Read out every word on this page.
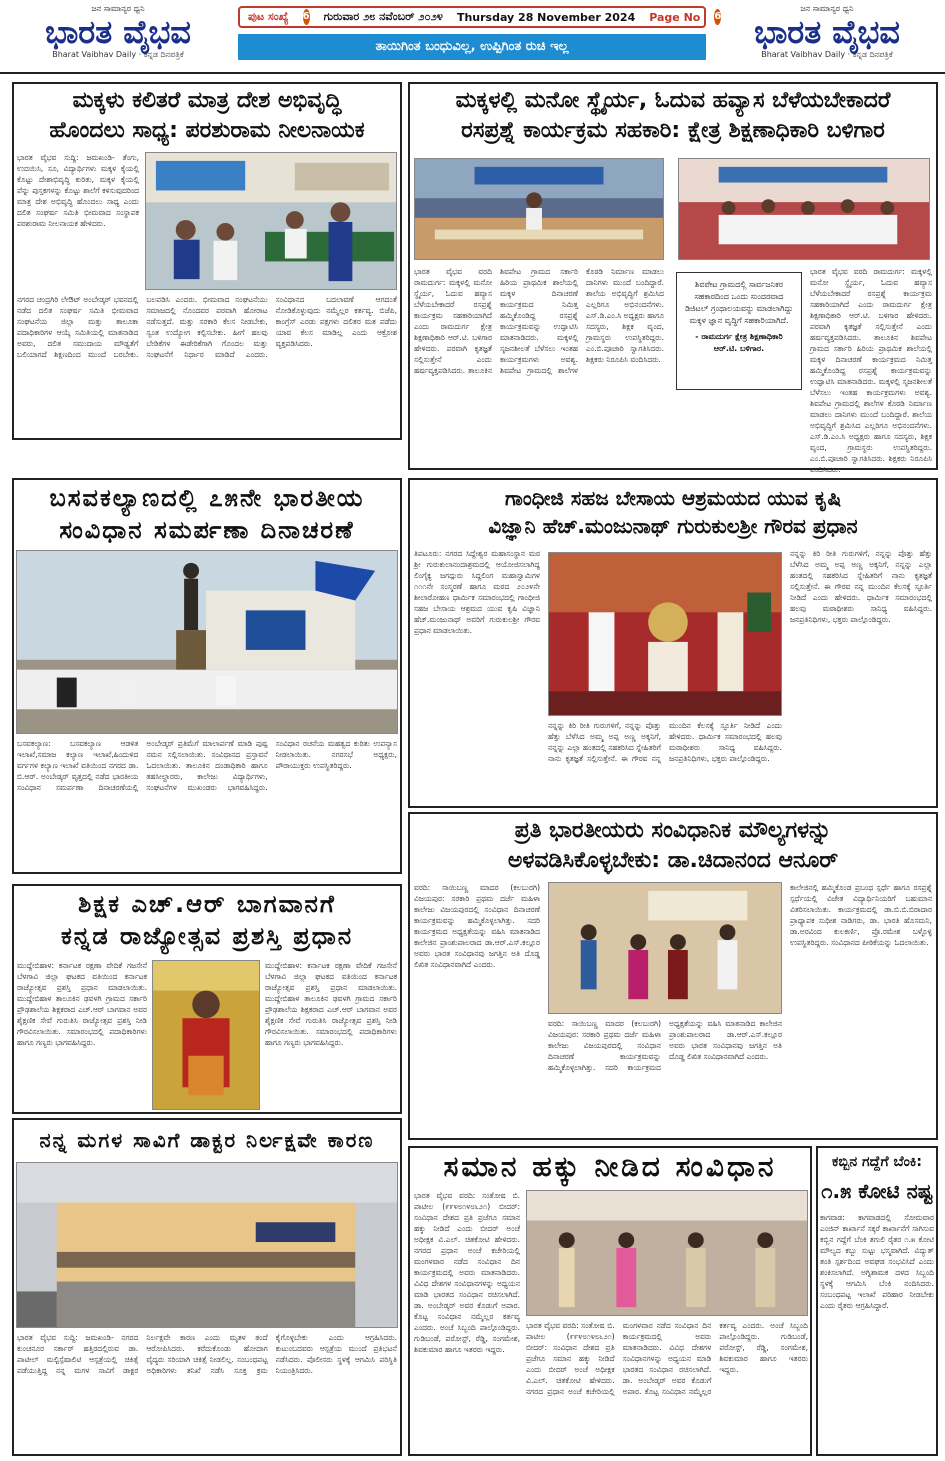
ಜನ ಸಾಮಾನ್ಯರ ಧ್ವನಿ
ಭಾರತ ವೈಭವ
Bharat Vaibhav Daily · ಕನ್ನಡ ದಿನಪತ್ರಿಕೆ
ಪುಟ ಸಂಖ್ಯೆ 6 ಗುರುವಾರ ೨೮ ನವೆಂಬರ್ ೨೦೨೪ Thursday 28 November 2024 Page No 6
ತಾಯಿಗಿಂತ ಬಂಧುವಿಲ್ಲ, ಉಪ್ಪಿಗಿಂತ ರುಚಿ ಇಲ್ಲ
ಜನ ಸಾಮಾನ್ಯರ ಧ್ವನಿ
ಭಾರತ ವೈಭವ
Bharat Vaibhav Daily · ಕನ್ನಡ ದಿನಪತ್ರಿಕೆ
ಮಕ್ಕಳು ಕಲಿತರೆ ಮಾತ್ರ ದೇಶ ಅಭಿವೃದ್ಧಿ
ಹೊಂದಲು ಸಾಧ್ಯ: ಪರಶುರಾಮ ನೀಲನಾಯಕ
ಭಾರತ ವೈಭವ ಸುದ್ದಿ: ಜಮಖಂಡಿ- ತೆಂಗು, ಉದಯಿಸಿ, ಸೂ, ವಿದ್ಯಾರ್ಥಿಗಳು ಮಕ್ಕಳ ಕೈಯಲ್ಲಿ ಕೊಟ್ಟು ದೇಶಾಭಿವೃದ್ಧಿ ಕುರಿತು, ಮಕ್ಕಳ ಕೈಯಲ್ಲಿ ಪೆನ್ನು ಪುಸ್ತಕಗಳನ್ನು ಕೊಟ್ಟು ಶಾಲೆಗೆ ಕಳಿಸುವುದರಿಂದ ಮಾತ್ರ ದೇಶ ಅಭಿವೃದ್ಧಿ ಹೊಂದಲು ಸಾಧ್ಯ ಎಂದು ದಲಿತ ಸಂಘರ್ಷ ಸಮಿತಿ ಭೀಮವಾದ ಸಂಸ್ಥಾಪಕ ಪರಶುರಾಮ ನೀಲನಾಯಕ ಹೇಳಿದರು.
ನಗರದ ಚಂದ್ರಗಿರಿ ಲೇಔಟ್ ಅಂಬೇಡ್ಕರ್ ಭವನದಲ್ಲಿ ನಡೆದ ದಲಿತ ಸಂಘರ್ಷ ಸಮಿತಿ ಭೀಮವಾದ ಸಂಘಟನೆಯ ಜಿಲ್ಲಾ ಮತ್ತು ತಾಲೂಕಾ ಪದಾಧಿಕಾರಿಗಳ ಆಯ್ಕೆ ಸಮಿತಿಯಲ್ಲಿ ಮಾತನಾಡಿದ ಅವರು, ದಲಿತ ಸಮುದಾಯ ಮೌಢ್ಯತೆಗೆ ಬಲಿಯಾಗದೆ ಶಿಕ್ಷಣದಿಂದ ಮುಂದೆ ಬರಬೇಕು. ಬಲಪಡಿಸಿ ಎಂದರು. ಭೀಮವಾದ ಸಂಘಟನೆಯು ಸಮಾಜದಲ್ಲಿ ನೊಂದವರ ಪರವಾಗಿ ಹೋರಾಟ ನಡೆಸುತ್ತದೆ. ಮತ್ತು ಸರಕಾರಿ ಕೆಲಸ ನೀಡಬೇಕು, ಸ್ವಂತ ಉದ್ಯೋಗ ಕಲ್ಪಿಸಬೇಕು. ಹೀಗೆ ಹಲವು ಬೇಡಿಕೆಗಳ ಈಡೇರಿಕೆಗಾಗಿ ಗೊಂದಲ ಮತ್ತು ಸಂಘಟನೆಗೆ ನಿರ್ಧಾರ ಮಾಡಿದೆ ಎಂದರು. ಸಂವಿಧಾನದ ಬದಲಾವಣೆ ಆಗದಂತೆ ನೋಡಿಕೊಳ್ಳುವುದು ನಮ್ಮೆಲ್ಲರ ಕರ್ತವ್ಯ. ಬಿಜೆಪಿ, ಕಾಂಗ್ರೆಸ್ ಎರಡು ಪಕ್ಷಗಳು ದಲಿತರ ಮತ ಪಡೆದು ಯಾವ ಕೆಲಸ ಮಾಡಿಲ್ಲ ಎಂದು ಆಕ್ರೋಶ ವ್ಯಕ್ತಪಡಿಸಿದರು.
ಮಕ್ಕಳಲ್ಲಿ ಮನೋ ಸ್ಥೈರ್ಯ, ಓದುವ ಹವ್ಯಾಸ ಬೆಳೆಯಬೇಕಾದರೆ
ರಸಪ್ರಶ್ನೆ ಕಾರ್ಯಕ್ರಮ ಸಹಕಾರಿ: ಕ್ಷೇತ್ರ ಶಿಕ್ಷಣಾಧಿಕಾರಿ ಬಳಿಗಾರ
ಭಾರತ ವೈಭವ ವರದಿ ರಾಮದುರ್ಗ: ಮಕ್ಕಳಲ್ಲಿ ಮನೋ ಸ್ಥೈರ್ಯ, ಓದುವ ಹವ್ಯಾಸ ಬೆಳೆಯಬೇಕಾದರೆ ರಸಪ್ರಶ್ನೆ ಕಾರ್ಯಕ್ರಮ ಸಹಕಾರಿಯಾಗಿದೆ ಎಂದು ರಾಮದುರ್ಗ ಕ್ಷೇತ್ರ ಶಿಕ್ಷಣಾಧಿಕಾರಿ ಆರ್.ಟಿ. ಬಳಿಗಾರ ಹೇಳಿದರು. ಪರವಾಗಿ ಕೃತಜ್ಞತೆ ಸಲ್ಲಿಸುತ್ತೇನೆ ಎಂದು ಹರ್ಷವ್ಯಕ್ತಪಡಿಸಿದರು. ತಾಲೂಕಿನ ಶಿವಪೇಟ ಗ್ರಾಮದ ಸರ್ಕಾರಿ ಹಿರಿಯ ಪ್ರಾಥಮಿಕ ಶಾಲೆಯಲ್ಲಿ ಮಕ್ಕಳ ದಿನಾಚರಣೆ ಕಾರ್ಯಕ್ರಮದ ನಿಮಿತ್ತ ಹಮ್ಮಿಕೊಂಡಿದ್ದ ರಸಪ್ರಶ್ನೆ ಕಾರ್ಯಕ್ರಮವನ್ನು ಉದ್ಘಾಟಿಸಿ ಮಾತನಾಡಿದರು. ಮಕ್ಕಳಲ್ಲಿ ಸೃಜನಶೀಲತೆ ಬೆಳೆಸಲು ಇಂತಹ ಕಾರ್ಯಕ್ರಮಗಳು ಅವಶ್ಯ. ಶಿವಪೇಟ ಗ್ರಾಮದಲ್ಲಿ ಶಾಲೆಗಳ ಕೊಠಡಿ ನಿರ್ಮಾಣ ಮಾಡಲು ದಾನಿಗಳು ಮುಂದೆ ಬಂದಿದ್ದಾರೆ. ಶಾಲೆಯ ಅಭಿವೃದ್ಧಿಗೆ ಶ್ರಮಿಸಿದ ಎಲ್ಲರಿಗೂ ಅಭಿನಂದನೆಗಳು. ಎಸ್.ಡಿ.ಎಂ.ಸಿ ಅಧ್ಯಕ್ಷರು ಹಾಗೂ ಸದಸ್ಯರು, ಶಿಕ್ಷಕ ವೃಂದ, ಗ್ರಾಮಸ್ಥರು ಉಪಸ್ಥಿತರಿದ್ದರು. ಎಂ.ಬಿ.ಪೂಜಾರಿ ಸ್ವಾಗತಿಸಿದರು. ಶಿಕ್ಷಕರು ನಿರೂಪಿಸಿ ವಂದಿಸಿದರು.
ಶಿವಪೇಟ ಗ್ರಾಮದಲ್ಲಿ ಸಾರ್ವಜನಿಕರ ಸಹಕಾರದಿಂದ ಒಂದು ಸುಂದರವಾದ ಡಿಜಿಟಲ್ ಗ್ರಂಥಾಲಯವನ್ನು ಮಾಡಲಾಗಿದ್ದು ಮಕ್ಕಳ ಜ್ಞಾನ ವೃದ್ಧಿಗೆ ಸಹಕಾರಿಯಾಗಿದೆ.
- ರಾಮದುರ್ಗ ಕ್ಷೇತ್ರ ಶಿಕ್ಷಣಾಧಿಕಾರಿ ಆರ್.ಟಿ. ಬಳಿಗಾರ.
ಭಾರತ ವೈಭವ ವರದಿ ರಾಮದುರ್ಗ: ಮಕ್ಕಳಲ್ಲಿ ಮನೋ ಸ್ಥೈರ್ಯ, ಓದುವ ಹವ್ಯಾಸ ಬೆಳೆಯಬೇಕಾದರೆ ರಸಪ್ರಶ್ನೆ ಕಾರ್ಯಕ್ರಮ ಸಹಕಾರಿಯಾಗಿದೆ ಎಂದು ರಾಮದುರ್ಗ ಕ್ಷೇತ್ರ ಶಿಕ್ಷಣಾಧಿಕಾರಿ ಆರ್.ಟಿ. ಬಳಿಗಾರ ಹೇಳಿದರು. ಪರವಾಗಿ ಕೃತಜ್ಞತೆ ಸಲ್ಲಿಸುತ್ತೇನೆ ಎಂದು ಹರ್ಷವ್ಯಕ್ತಪಡಿಸಿದರು. ತಾಲೂಕಿನ ಶಿವಪೇಟ ಗ್ರಾಮದ ಸರ್ಕಾರಿ ಹಿರಿಯ ಪ್ರಾಥಮಿಕ ಶಾಲೆಯಲ್ಲಿ ಮಕ್ಕಳ ದಿನಾಚರಣೆ ಕಾರ್ಯಕ್ರಮದ ನಿಮಿತ್ತ ಹಮ್ಮಿಕೊಂಡಿದ್ದ ರಸಪ್ರಶ್ನೆ ಕಾರ್ಯಕ್ರಮವನ್ನು ಉದ್ಘಾಟಿಸಿ ಮಾತನಾಡಿದರು. ಮಕ್ಕಳಲ್ಲಿ ಸೃಜನಶೀಲತೆ ಬೆಳೆಸಲು ಇಂತಹ ಕಾರ್ಯಕ್ರಮಗಳು ಅವಶ್ಯ. ಶಿವಪೇಟ ಗ್ರಾಮದಲ್ಲಿ ಶಾಲೆಗಳ ಕೊಠಡಿ ನಿರ್ಮಾಣ ಮಾಡಲು ದಾನಿಗಳು ಮುಂದೆ ಬಂದಿದ್ದಾರೆ. ಶಾಲೆಯ ಅಭಿವೃದ್ಧಿಗೆ ಶ್ರಮಿಸಿದ ಎಲ್ಲರಿಗೂ ಅಭಿನಂದನೆಗಳು. ಎಸ್.ಡಿ.ಎಂ.ಸಿ ಅಧ್ಯಕ್ಷರು ಹಾಗೂ ಸದಸ್ಯರು, ಶಿಕ್ಷಕ ವೃಂದ, ಗ್ರಾಮಸ್ಥರು ಉಪಸ್ಥಿತರಿದ್ದರು. ಎಂ.ಬಿ.ಪೂಜಾರಿ ಸ್ವಾಗತಿಸಿದರು. ಶಿಕ್ಷಕರು ನಿರೂಪಿಸಿ ವಂದಿಸಿದರು.
ಬಸವಕಲ್ಯಾಣದಲ್ಲಿ ೭೫ನೇ ಭಾರತೀಯ
ಸಂವಿಧಾನ ಸಮರ್ಪಣಾ ದಿನಾಚರಣೆ
ಬಸವಕಲ್ಯಾಣ: ಬಸವಕಲ್ಯಾಣ ಆಡಳಿತ ಇಲಾಖೆ,ಸಮಾಜ ಕಲ್ಯಾಣ ಇಲಾಖೆ,ಹಿಂದುಳಿದ ವರ್ಗಗಳ ಕಲ್ಯಾಣ ಇಲಾಖೆ ವತಿಯಿಂದ ನಗರದ ಡಾ. ಬಿ.ಆರ್. ಅಂಬೇಡ್ಕರ್ ವೃತ್ತದಲ್ಲಿ ನಡೆದ ಭಾರತೀಯ ಸಂವಿಧಾನ ಸಮರ್ಪಣಾ ದಿನಾಚರಣೆಯಲ್ಲಿ ಅಂಬೇಡ್ಕರ್ ಪ್ರತಿಮೆಗೆ ಮಾಲಾರ್ಪಣೆ ಮಾಡಿ ಪುಷ್ಪ ನಮನ ಸಲ್ಲಿಸಲಾಯಿತು. ಸಂವಿಧಾನದ ಪ್ರಸ್ತಾವನೆ ಓದಲಾಯಿತು. ತಾಲೂಕಿನ ದಂಡಾಧಿಕಾರಿ ಹಾಗೂ ತಹಸೀಲ್ದಾರರು, ಕಾಲೇಜು ವಿದ್ಯಾರ್ಥಿಗಳು, ಸಂಘಟನೆಗಳ ಮುಖಂಡರು ಭಾಗವಹಿಸಿದ್ದರು. ಸಂವಿಧಾನ ರಚನೆಯ ಮಹತ್ವದ ಕುರಿತು ಉಪನ್ಯಾಸ ನೀಡಲಾಯಿತು. ನಗರಸಭೆ ಅಧ್ಯಕ್ಷರು, ಪೌರಾಯುಕ್ತರು ಉಪಸ್ಥಿತರಿದ್ದರು.
ಗಾಂಧೀಜಿ ಸಹಜ ಬೇಸಾಯ ಆಶ್ರಮಯದ ಯುವ ಕೃಷಿ
ವಿಜ್ಞಾನಿ ಹೆಚ್.ಮಂಜುನಾಥ್ ಗುರುಕುಲಶ್ರೀ ಗೌರವ ಪ್ರಧಾನ
ತಿಪಟೂರು: ನಗರದ ಸಿದ್ದೇಶ್ವರ ಮಹಾಸಂಸ್ಥಾನ ಮಠ ಶ್ರೀ ಗುರುಕುಲಾನಂದಾಶ್ರಮದಲ್ಲಿ ಆಯೋಜಿಸಲಾಗಿದ್ದ ಲಿಂಗೈಕ್ಯ ಜಗದ್ಗುರು ಸಿದ್ದಲಿಂಗ ಮಹಾಸ್ವಾಮಿಗಳ ೧೧೧ನೇ ಸಂಸ್ಮರಣೆ ಹಾಗೂ ಮಠದ ೨೦೨೪ನೇ ಶೀಲಾರೋಹಣ ಧಾರ್ಮಿಕ ಸಮಾರಂಭದಲ್ಲಿ ಗಾಂಧೀಜಿ ಸಹಜ ಬೇಸಾಯ ಆಶ್ರಮದ ಯುವ ಕೃಷಿ ವಿಜ್ಞಾನಿ ಹೆಚ್.ಮಂಜುನಾಥ್ ಅವರಿಗೆ ಗುರುಕುಲಶ್ರೀ ಗೌರವ ಪ್ರಧಾನ ಮಾಡಲಾಯಿತು.
ನನ್ನನ್ನು ಕಿರಿ ರೀತಿ ಗುರುಗಳಿಗೆ, ನನ್ನನ್ನು ಪೊತ್ತು ಹೆತ್ತು ಬೆಳೆಸಿದ ಅಮ್ಮ ಅಪ್ಪ ಅಣ್ಣ ಅಕ್ಕನಿಗೆ, ನನ್ನನ್ನು ಎಲ್ಲಾ ಹಂತದಲ್ಲಿ ಸಹಕರಿಸಿದ ಸ್ನೇಹಿತರಿಗೆ ನಾನು ಕೃತಜ್ಞತೆ ಸಲ್ಲಿಸುತ್ತೇನೆ. ಈ ಗೌರವ ನನ್ನ ಮುಂದಿನ ಕೆಲಸಕ್ಕೆ ಸ್ಫೂರ್ತಿ ನೀಡಿದೆ ಎಂದು ಹೇಳಿದರು. ಧಾರ್ಮಿಕ ಸಮಾರಂಭದಲ್ಲಿ ಹಲವು ಮಠಾಧೀಶರು ಸಾನಿಧ್ಯ ವಹಿಸಿದ್ದರು. ಜನಪ್ರತಿನಿಧಿಗಳು, ಭಕ್ತರು ಪಾಲ್ಗೊಂಡಿದ್ದರು.
ನನ್ನನ್ನು ಕಿರಿ ರೀತಿ ಗುರುಗಳಿಗೆ, ನನ್ನನ್ನು ಪೊತ್ತು ಹೆತ್ತು ಬೆಳೆಸಿದ ಅಮ್ಮ ಅಪ್ಪ ಅಣ್ಣ ಅಕ್ಕನಿಗೆ, ನನ್ನನ್ನು ಎಲ್ಲಾ ಹಂತದಲ್ಲಿ ಸಹಕರಿಸಿದ ಸ್ನೇಹಿತರಿಗೆ ನಾನು ಕೃತಜ್ಞತೆ ಸಲ್ಲಿಸುತ್ತೇನೆ. ಈ ಗೌರವ ನನ್ನ ಮುಂದಿನ ಕೆಲಸಕ್ಕೆ ಸ್ಫೂರ್ತಿ ನೀಡಿದೆ ಎಂದು ಹೇಳಿದರು. ಧಾರ್ಮಿಕ ಸಮಾರಂಭದಲ್ಲಿ ಹಲವು ಮಠಾಧೀಶರು ಸಾನಿಧ್ಯ ವಹಿಸಿದ್ದರು. ಜನಪ್ರತಿನಿಧಿಗಳು, ಭಕ್ತರು ಪಾಲ್ಗೊಂಡಿದ್ದರು.
ಪ್ರತಿ ಭಾರತೀಯರು ಸಂವಿಧಾನಿಕ ಮೌಲ್ಯಗಳನ್ನು
ಅಳವಡಿಸಿಕೊಳ್ಳಬೇಕು: ಡಾ.ಚಿದಾನಂದ ಆನೂರ್
ವರದಿ: ಸಾಯಿಬಣ್ಣ ಮಾದರ (ಕಲಬುರಗಿ) ವಿಜಯಪುರ: ಸರಕಾರಿ ಪ್ರಥಮ ದರ್ಜೆ ಮಹಿಳಾ ಕಾಲೇಜು ವಿಜಯಪುರದಲ್ಲಿ ಸಂವಿಧಾನ ದಿನಾಚರಣೆ ಕಾರ್ಯಕ್ರಮವನ್ನು ಹಮ್ಮಿಕೊಳ್ಳಲಾಗಿತ್ತು. ಸದರಿ ಕಾರ್ಯಕ್ರಮದ ಅಧ್ಯಕ್ಷತೆಯನ್ನು ವಹಿಸಿ ಮಾತನಾಡಿದ ಕಾಲೇಜಿನ ಪ್ರಾಂಶುಪಾಲರಾದ ಡಾ.ಆರ್.ಎಸ್.ಕಲ್ಲೂರ ಅವರು ಭಾರತ ಸಂವಿಧಾನವು ಜಗತ್ತಿನ ಅತಿ ದೊಡ್ಡ ಲಿಖಿತ ಸಂವಿಧಾನವಾಗಿದೆ ಎಂದರು.
ವರದಿ: ಸಾಯಿಬಣ್ಣ ಮಾದರ (ಕಲಬುರಗಿ) ವಿಜಯಪುರ: ಸರಕಾರಿ ಪ್ರಥಮ ದರ್ಜೆ ಮಹಿಳಾ ಕಾಲೇಜು ವಿಜಯಪುರದಲ್ಲಿ ಸಂವಿಧಾನ ದಿನಾಚರಣೆ ಕಾರ್ಯಕ್ರಮವನ್ನು ಹಮ್ಮಿಕೊಳ್ಳಲಾಗಿತ್ತು. ಸದರಿ ಕಾರ್ಯಕ್ರಮದ ಅಧ್ಯಕ್ಷತೆಯನ್ನು ವಹಿಸಿ ಮಾತನಾಡಿದ ಕಾಲೇಜಿನ ಪ್ರಾಂಶುಪಾಲರಾದ ಡಾ.ಆರ್.ಎಸ್.ಕಲ್ಲೂರ ಅವರು ಭಾರತ ಸಂವಿಧಾನವು ಜಗತ್ತಿನ ಅತಿ ದೊಡ್ಡ ಲಿಖಿತ ಸಂವಿಧಾನವಾಗಿದೆ ಎಂದರು.
ಕಾಲೇಜಿನಲ್ಲಿ ಹಮ್ಮಿಕೊಂಡ ಪ್ರಬಂಧ ಸ್ಪರ್ಧೆ ಹಾಗೂ ರಸಪ್ರಶ್ನೆ ಸ್ಪರ್ಧೆಯಲ್ಲಿ ವಿಜೇತ ವಿದ್ಯಾರ್ಥಿನಿಯರಿಗೆ ಬಹುಮಾನ ವಿತರಿಸಲಾಯಿತು. ಕಾರ್ಯಕ್ರಮದಲ್ಲಿ ಡಾ.ಬಿ.ಬಿ.ಬಿರಾದಾರ ಪ್ರಾಧ್ಯಾಪಕ ಸುಧೀಶ ನಾಡಿಗರು, ಡಾ. ಭಾರತಿ ಹೊಸಮನಿ, ಡಾ.ಅರವಿಂದ ಕುಲಕರ್ಣಿ, ಪ್ರೊ.ರಮೇಶ ಬಳ್ಳೊಳ್ಳಿ ಉಪಸ್ಥಿತರಿದ್ದರು. ಸಂವಿಧಾನದ ಪೀಠಿಕೆಯನ್ನು ಓದಲಾಯಿತು.
ಶಿಕ್ಷಕ ಎಚ್.ಆರ್ ಬಾಗವಾನಗೆ
ಕನ್ನಡ ರಾಜ್ಯೋತ್ಸವ ಪ್ರಶಸ್ತಿ ಪ್ರಧಾನ
ಮುದ್ದೇಬಿಹಾಳ: ಕರ್ನಾಟಕ ರಕ್ಷಣಾ ವೇದಿಕೆ ಗಜಸೇನೆ ಬೆಳಗಾವಿ ಜಿಲ್ಲಾ ಘಟಕದ ವತಿಯಿಂದ ಕರ್ನಾಟಕ ರಾಜ್ಯೋತ್ಸವ ಪ್ರಶಸ್ತಿ ಪ್ರಧಾನ ಮಾಡಲಾಯಿತು. ಮುದ್ದೇಬಿಹಾಳ ತಾಲೂಕಿನ ಢವಳಗಿ ಗ್ರಾಮದ ಸರ್ಕಾರಿ ಪ್ರೌಢಶಾಲೆಯ ಶಿಕ್ಷಕರಾದ ಎಚ್.ಆರ್ ಬಾಗವಾನ ಅವರ ಶೈಕ್ಷಣಿಕ ಸೇವೆ ಗುರುತಿಸಿ ರಾಜ್ಯೋತ್ಸವ ಪ್ರಶಸ್ತಿ ನೀಡಿ ಗೌರವಿಸಲಾಯಿತು. ಸಮಾರಂಭದಲ್ಲಿ ಪದಾಧಿಕಾರಿಗಳು ಹಾಗೂ ಗಣ್ಯರು ಭಾಗವಹಿಸಿದ್ದರು.
ಮುದ್ದೇಬಿಹಾಳ: ಕರ್ನಾಟಕ ರಕ್ಷಣಾ ವೇದಿಕೆ ಗಜಸೇನೆ ಬೆಳಗಾವಿ ಜಿಲ್ಲಾ ಘಟಕದ ವತಿಯಿಂದ ಕರ್ನಾಟಕ ರಾಜ್ಯೋತ್ಸವ ಪ್ರಶಸ್ತಿ ಪ್ರಧಾನ ಮಾಡಲಾಯಿತು. ಮುದ್ದೇಬಿಹಾಳ ತಾಲೂಕಿನ ಢವಳಗಿ ಗ್ರಾಮದ ಸರ್ಕಾರಿ ಪ್ರೌಢಶಾಲೆಯ ಶಿಕ್ಷಕರಾದ ಎಚ್.ಆರ್ ಬಾಗವಾನ ಅವರ ಶೈಕ್ಷಣಿಕ ಸೇವೆ ಗುರುತಿಸಿ ರಾಜ್ಯೋತ್ಸವ ಪ್ರಶಸ್ತಿ ನೀಡಿ ಗೌರವಿಸಲಾಯಿತು. ಸಮಾರಂಭದಲ್ಲಿ ಪದಾಧಿಕಾರಿಗಳು ಹಾಗೂ ಗಣ್ಯರು ಭಾಗವಹಿಸಿದ್ದರು.
ನನ್ನ ಮಗಳ ಸಾವಿಗೆ ಡಾಕ್ಟರ ನಿರ್ಲಕ್ಷವೇ ಕಾರಣ
ಭಾರತ ವೈಭವ ಸುದ್ದಿ: ಜಮಖಂಡಿ- ನಗರದ ಕುಂಚನೂರ ಸರ್ಕಾರ್ ಹತ್ತಿರದಲ್ಲಿರುವ ಡಾ. ಪಾಟೀಲ್ ಮಲ್ಟಿಸ್ಪೆಷಾಲಿಟಿ ಆಸ್ಪತ್ರೆಯಲ್ಲಿ ಚಿಕಿತ್ಸೆ ಪಡೆಯುತ್ತಿದ್ದ ನನ್ನ ಮಗಳ ಸಾವಿಗೆ ಡಾಕ್ಟರ ನಿರ್ಲಕ್ಷವೇ ಕಾರಣ ಎಂದು ಮೃತಳ ತಂದೆ ಆರೋಪಿಸಿದರು. ಕರೆದುಕೊಂಡು ಹೋದಾಗ ವೈದ್ಯರು ಸರಿಯಾಗಿ ಚಿಕಿತ್ಸೆ ನೀಡಲಿಲ್ಲ. ಸಂಬಂಧಪಟ್ಟ ಅಧಿಕಾರಿಗಳು ತನಿಖೆ ನಡೆಸಿ ಸೂಕ್ತ ಕ್ರಮ ಕೈಗೊಳ್ಳಬೇಕು ಎಂದು ಆಗ್ರಹಿಸಿದರು. ಕುಟುಂಬದವರು ಆಸ್ಪತ್ರೆಯ ಮುಂದೆ ಪ್ರತಿಭಟನೆ ನಡೆಸಿದರು. ಪೊಲೀಸರು ಸ್ಥಳಕ್ಕೆ ಆಗಮಿಸಿ ಪರಿಸ್ಥಿತಿ ನಿಯಂತ್ರಿಸಿದರು.
ಸಮಾನ ಹಕ್ಕು ನೀಡಿದ ಸಂವಿಧಾನ
ಭಾರತ ವೈಭವ ವರದಿ: ಸಂತೋಷ ಬಿ. ಪಾಟೀಲ (೯೯೪೮೧೪೮೬೨೧) ಬೀದರ್: ಸಂವಿಧಾನ ದೇಶದ ಪ್ರತಿ ಪ್ರಜೆಗೂ ಸಮಾನ ಹಕ್ಕು ನೀಡಿದೆ ಎಂದು ಬೀದರ್ ಅಂಚೆ ಅಧೀಕ್ಷಕ ವಿ.ಎಲ್. ಚಿತಕೋಟಿ ಹೇಳಿದರು. ನಗರದ ಪ್ರಧಾನ ಅಂಚೆ ಕಚೇರಿಯಲ್ಲಿ ಮಂಗಳವಾರ ನಡೆದ ಸಂವಿಧಾನ ದಿನ ಕಾರ್ಯಕ್ರಮದಲ್ಲಿ ಅವರು ಮಾತನಾಡಿದರು. ವಿವಿಧ ದೇಶಗಳ ಸಂವಿಧಾನಗಳನ್ನು ಅಧ್ಯಯನ ಮಾಡಿ ಭಾರತದ ಸಂವಿಧಾನ ರಚಿಸಲಾಗಿದೆ. ಡಾ. ಅಂಬೇಡ್ಕರ್ ಅವರ ಕೊಡುಗೆ ಅಪಾರ. ಕೊಟ್ಟ ಸಂವಿಧಾನ ನಮ್ಮೆಲ್ಲರ ಕರ್ತವ್ಯ ಎಂದರು. ಅಂಚೆ ಸಿಬ್ಬಂದಿ ಪಾಲ್ಗೊಂಡಿದ್ದರು. ಗುಡಿಬಂಡೆ, ಪರೋಸ್ಟ್, ರೆಡ್ಡಿ, ಸಂಗಮೇಶ, ಶಿವಕುಮಾರ ಹಾಗೂ ಇತರರು ಇದ್ದರು.
ಭಾರತ ವೈಭವ ವರದಿ: ಸಂತೋಷ ಬಿ. ಪಾಟೀಲ (೯೯೪೮೧೪೮೬೨೧) ಬೀದರ್: ಸಂವಿಧಾನ ದೇಶದ ಪ್ರತಿ ಪ್ರಜೆಗೂ ಸಮಾನ ಹಕ್ಕು ನೀಡಿದೆ ಎಂದು ಬೀದರ್ ಅಂಚೆ ಅಧೀಕ್ಷಕ ವಿ.ಎಲ್. ಚಿತಕೋಟಿ ಹೇಳಿದರು. ನಗರದ ಪ್ರಧಾನ ಅಂಚೆ ಕಚೇರಿಯಲ್ಲಿ ಮಂಗಳವಾರ ನಡೆದ ಸಂವಿಧಾನ ದಿನ ಕಾರ್ಯಕ್ರಮದಲ್ಲಿ ಅವರು ಮಾತನಾಡಿದರು. ವಿವಿಧ ದೇಶಗಳ ಸಂವಿಧಾನಗಳನ್ನು ಅಧ್ಯಯನ ಮಾಡಿ ಭಾರತದ ಸಂವಿಧಾನ ರಚಿಸಲಾಗಿದೆ. ಡಾ. ಅಂಬೇಡ್ಕರ್ ಅವರ ಕೊಡುಗೆ ಅಪಾರ. ಕೊಟ್ಟ ಸಂವಿಧಾನ ನಮ್ಮೆಲ್ಲರ ಕರ್ತವ್ಯ ಎಂದರು. ಅಂಚೆ ಸಿಬ್ಬಂದಿ ಪಾಲ್ಗೊಂಡಿದ್ದರು. ಗುಡಿಬಂಡೆ, ಪರೋಸ್ಟ್, ರೆಡ್ಡಿ, ಸಂಗಮೇಶ, ಶಿವಕುಮಾರ ಹಾಗೂ ಇತರರು ಇದ್ದರು.
ಕಬ್ಬಿನ ಗದ್ದೆಗೆ ಬೆಂಕಿ:
೧.೫ ಕೋಟಿ ನಷ್ಟ
ಕಾಗವಾಡ: ಕಾಗವಾಡದಲ್ಲಿ ಸೋಮವಾರ ಎಂಜಿನ್ ಕಾರ್ಖಾನೆ ಸಕ್ಕರೆ ಕಾರ್ಖಾನೆಗೆ ಸಾಗಿಸುವ ಕಬ್ಬಿನ ಗದ್ದೆಗೆ ಬೆಂಕಿ ತಗುಲಿ ರೈತರ ೧.೫ ಕೋಟಿ ಮೌಲ್ಯದ ಕಬ್ಬು ಸುಟ್ಟು ಭಸ್ಮವಾಗಿದೆ. ವಿದ್ಯುತ್ ತಂತಿ ಸ್ಪರ್ಶದಿಂದ ಅವಘಡ ಸಂಭವಿಸಿದೆ ಎಂದು ಶಂಕಿಸಲಾಗಿದೆ. ಅಗ್ನಿಶಾಮಕ ದಳದ ಸಿಬ್ಬಂದಿ ಸ್ಥಳಕ್ಕೆ ಆಗಮಿಸಿ ಬೆಂಕಿ ನಂದಿಸಿದರು. ಸಂಬಂಧಪಟ್ಟ ಇಲಾಖೆ ಪರಿಹಾರ ನೀಡಬೇಕು ಎಂದು ರೈತರು ಆಗ್ರಹಿಸಿದ್ದಾರೆ.
